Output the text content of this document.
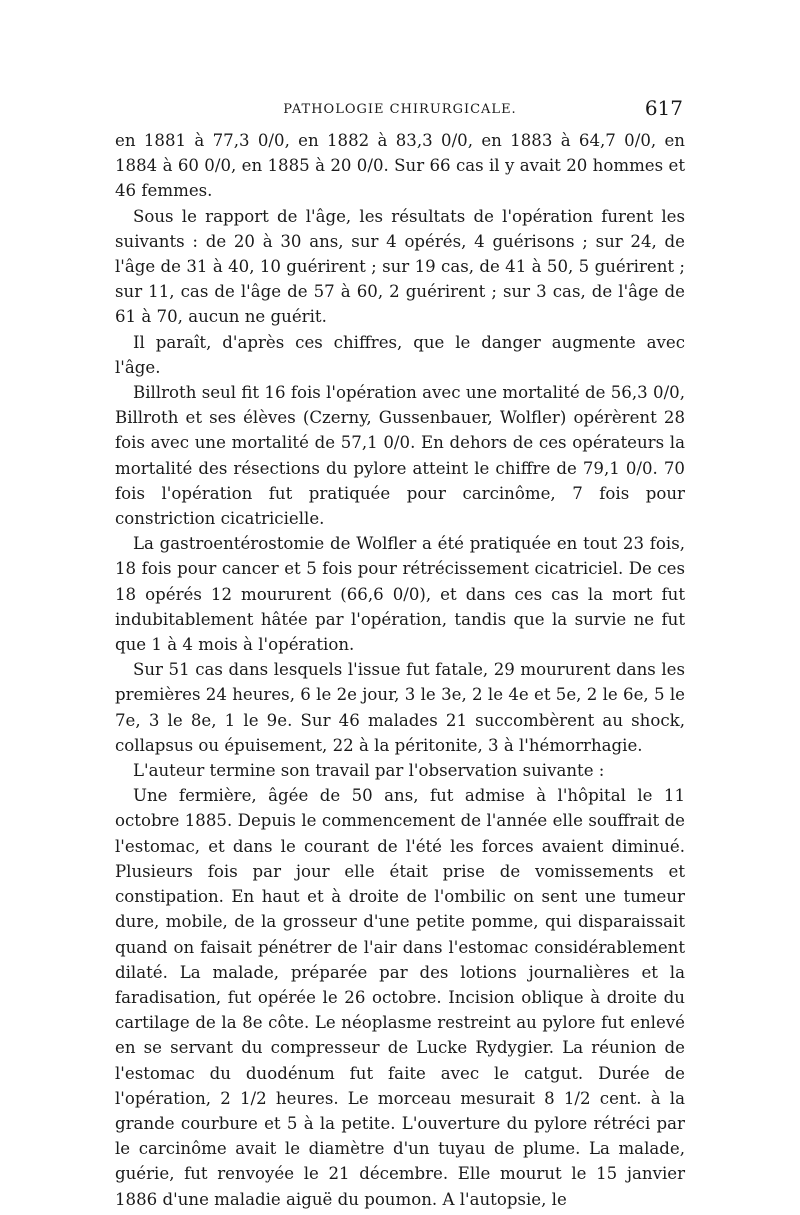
PATHOLOGIE CHIRURGICALE.	617

en 1881 à 77,3 0/0, en 1882 à 83,3 0/0, en 1883 à 64,7 0/0, en 1884 à 60 0/0, en 1885 à 20 0/0. Sur 66 cas il y avait 20 hommes et 46 femmes.

Sous le rapport de l'âge, les résultats de l'opération furent les suivants : de 20 à 30 ans, sur 4 opérés, 4 guérisons ; sur 24, de l'âge de 31 à 40, 10 guérirent ; sur 19 cas, de 41 à 50, 5 guérirent ; sur 11, cas de l'âge de 57 à 60, 2 guérirent ; sur 3 cas, de l'âge de 61 à 70, aucun ne guérit.

Il paraît, d'après ces chiffres, que le danger augmente avec l'âge.

Billroth seul fit 16 fois l'opération avec une mortalité de 56,3 0/0, Billroth et ses élèves (Czerny, Gussenbauer, Wolfler) opérèrent 28 fois avec une mortalité de 57,1 0/0. En dehors de ces opérateurs la mortalité des résections du pylore atteint le chiffre de 79,1 0/0. 70 fois l'opération fut pratiquée pour carcinôme, 7 fois pour constriction cicatricielle.

La gastroentérostomie de Wolfler a été pratiquée en tout 23 fois, 18 fois pour cancer et 5 fois pour rétrécissement cicatriciel. De ces 18 opérés 12 moururent (66,6 0/0), et dans ces cas la mort fut indubitablement hâtée par l'opération, tandis que la survie ne fut que 1 à 4 mois à l'opération.

Sur 51 cas dans lesquels l'issue fut fatale, 29 moururent dans les premières 24 heures, 6 le 2e jour, 3 le 3e, 2 le 4e et 5e, 2 le 6e, 5 le 7e, 3 le 8e, 1 le 9e. Sur 46 malades 21 succombèrent au shock, collapsus ou épuisement, 22 à la péritonite, 3 à l'hémorrhagie.

L'auteur termine son travail par l'observation suivante :

Une fermière, âgée de 50 ans, fut admise à l'hôpital le 11 octobre 1885. Depuis le commencement de l'année elle souffrait de l'estomac, et dans le courant de l'été les forces avaient diminué. Plusieurs fois par jour elle était prise de vomissements et constipation. En haut et à droite de l'ombilic on sent une tumeur dure, mobile, de la grosseur d'une petite pomme, qui disparaissait quand on faisait pénétrer de l'air dans l'estomac considérablement dilaté. La malade, préparée par des lotions journalières et la faradisation, fut opérée le 26 octobre. Incision oblique à droite du cartilage de la 8e côte. Le néoplasme restreint au pylore fut enlevé en se servant du compresseur de Lucke Rydygier. La réunion de l'estomac du duodénum fut faite avec le catgut. Durée de l'opération, 2 1/2 heures. Le morceau mesurait 8 1/2 cent. à la grande courbure et 5 à la petite. L'ouverture du pylore rétréci par le carcinôme avait le diamètre d'un tuyau de plume. La malade, guérie, fut renvoyée le 21 décembre. Elle mourut le 15 janvier 1886 d'une maladie aiguë du poumon. A l'autopsie, le
